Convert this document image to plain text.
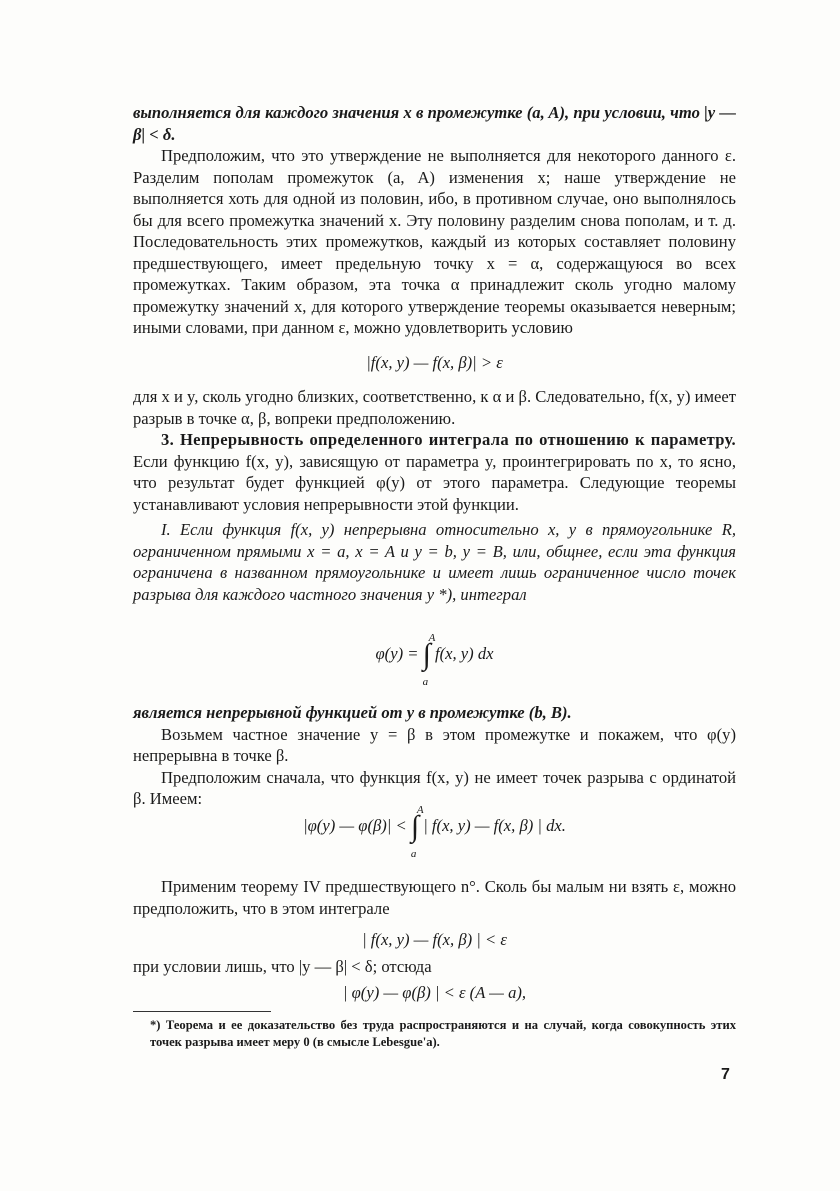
выполняется для каждого значения x в промежутке (a, A), при условии, что |y — β| < δ.

Предположим, что это утверждение не выполняется для некоторого данного ε. Разделим пополам промежуток (a, A) изменения x; наше утверждение не выполняется хоть для одной из половин, ибо, в противном случае, оно выполнялось бы для всего промежутка значений x. Эту половину разделим снова пополам, и т. д. Последовательность этих промежутков, каждый из которых составляет половину предшествующего, имеет предельную точку x = α, содержащуюся во всех промежутках. Таким образом, эта точка α принадлежит сколь угодно малому промежутку значений x, для которого утверждение теоремы оказывается неверным; иными словами, при данном ε, можно удовлетворить условию

|f(x, y) — f(x, β)| > ε

для x и y, сколь угодно близких, соответственно, к α и β. Следовательно, f(x, y) имеет разрыв в точке α, β, вопреки предположению.

3. Непрерывность определенного интеграла по отношению к параметру. Если функцию f(x, y), зависящую от параметра y, проинтегрировать по x, то ясно, что результат будет функцией φ(y) от этого параметра. Следующие теоремы устанавливают условия непрерывности этой функции.

I. Если функция f(x, y) непрерывна относительно x, y в прямоугольнике R, ограниченном прямыми x = a, x = A и y = b, y = B, или, общнее, если эта функция ограничена в названном прямоугольнике и имеет лишь ограниченное число точек разрыва для каждого частного значения y *), интеграл

φ(y) =
A
∫
a
f(x, y) dx

является непрерывной функцией от y в промежутке (b, B).

Возьмем частное значение y = β в этом промежутке и покажем, что φ(y) непрерывна в точке β.

Предположим сначала, что функция f(x, y) не имеет точек разрыва с ординатой β. Имеем:

|φ(y) — φ(β)| <
A
∫
a
| f(x, y) — f(x, β) | dx.

Применим теорему IV предшествующего n°. Сколь бы малым ни взять ε, можно предположить, что в этом интеграле

| f(x, y) — f(x, β) | < ε

при условии лишь, что |y — β| < δ; отсюда

| φ(y) — φ(β) | < ε (A — a),
*) Теорема и ее доказательство без труда распространяются и на случай, когда совокупность этих точек разрыва имеет меру 0 (в смысле Lebesgue'a).
7
